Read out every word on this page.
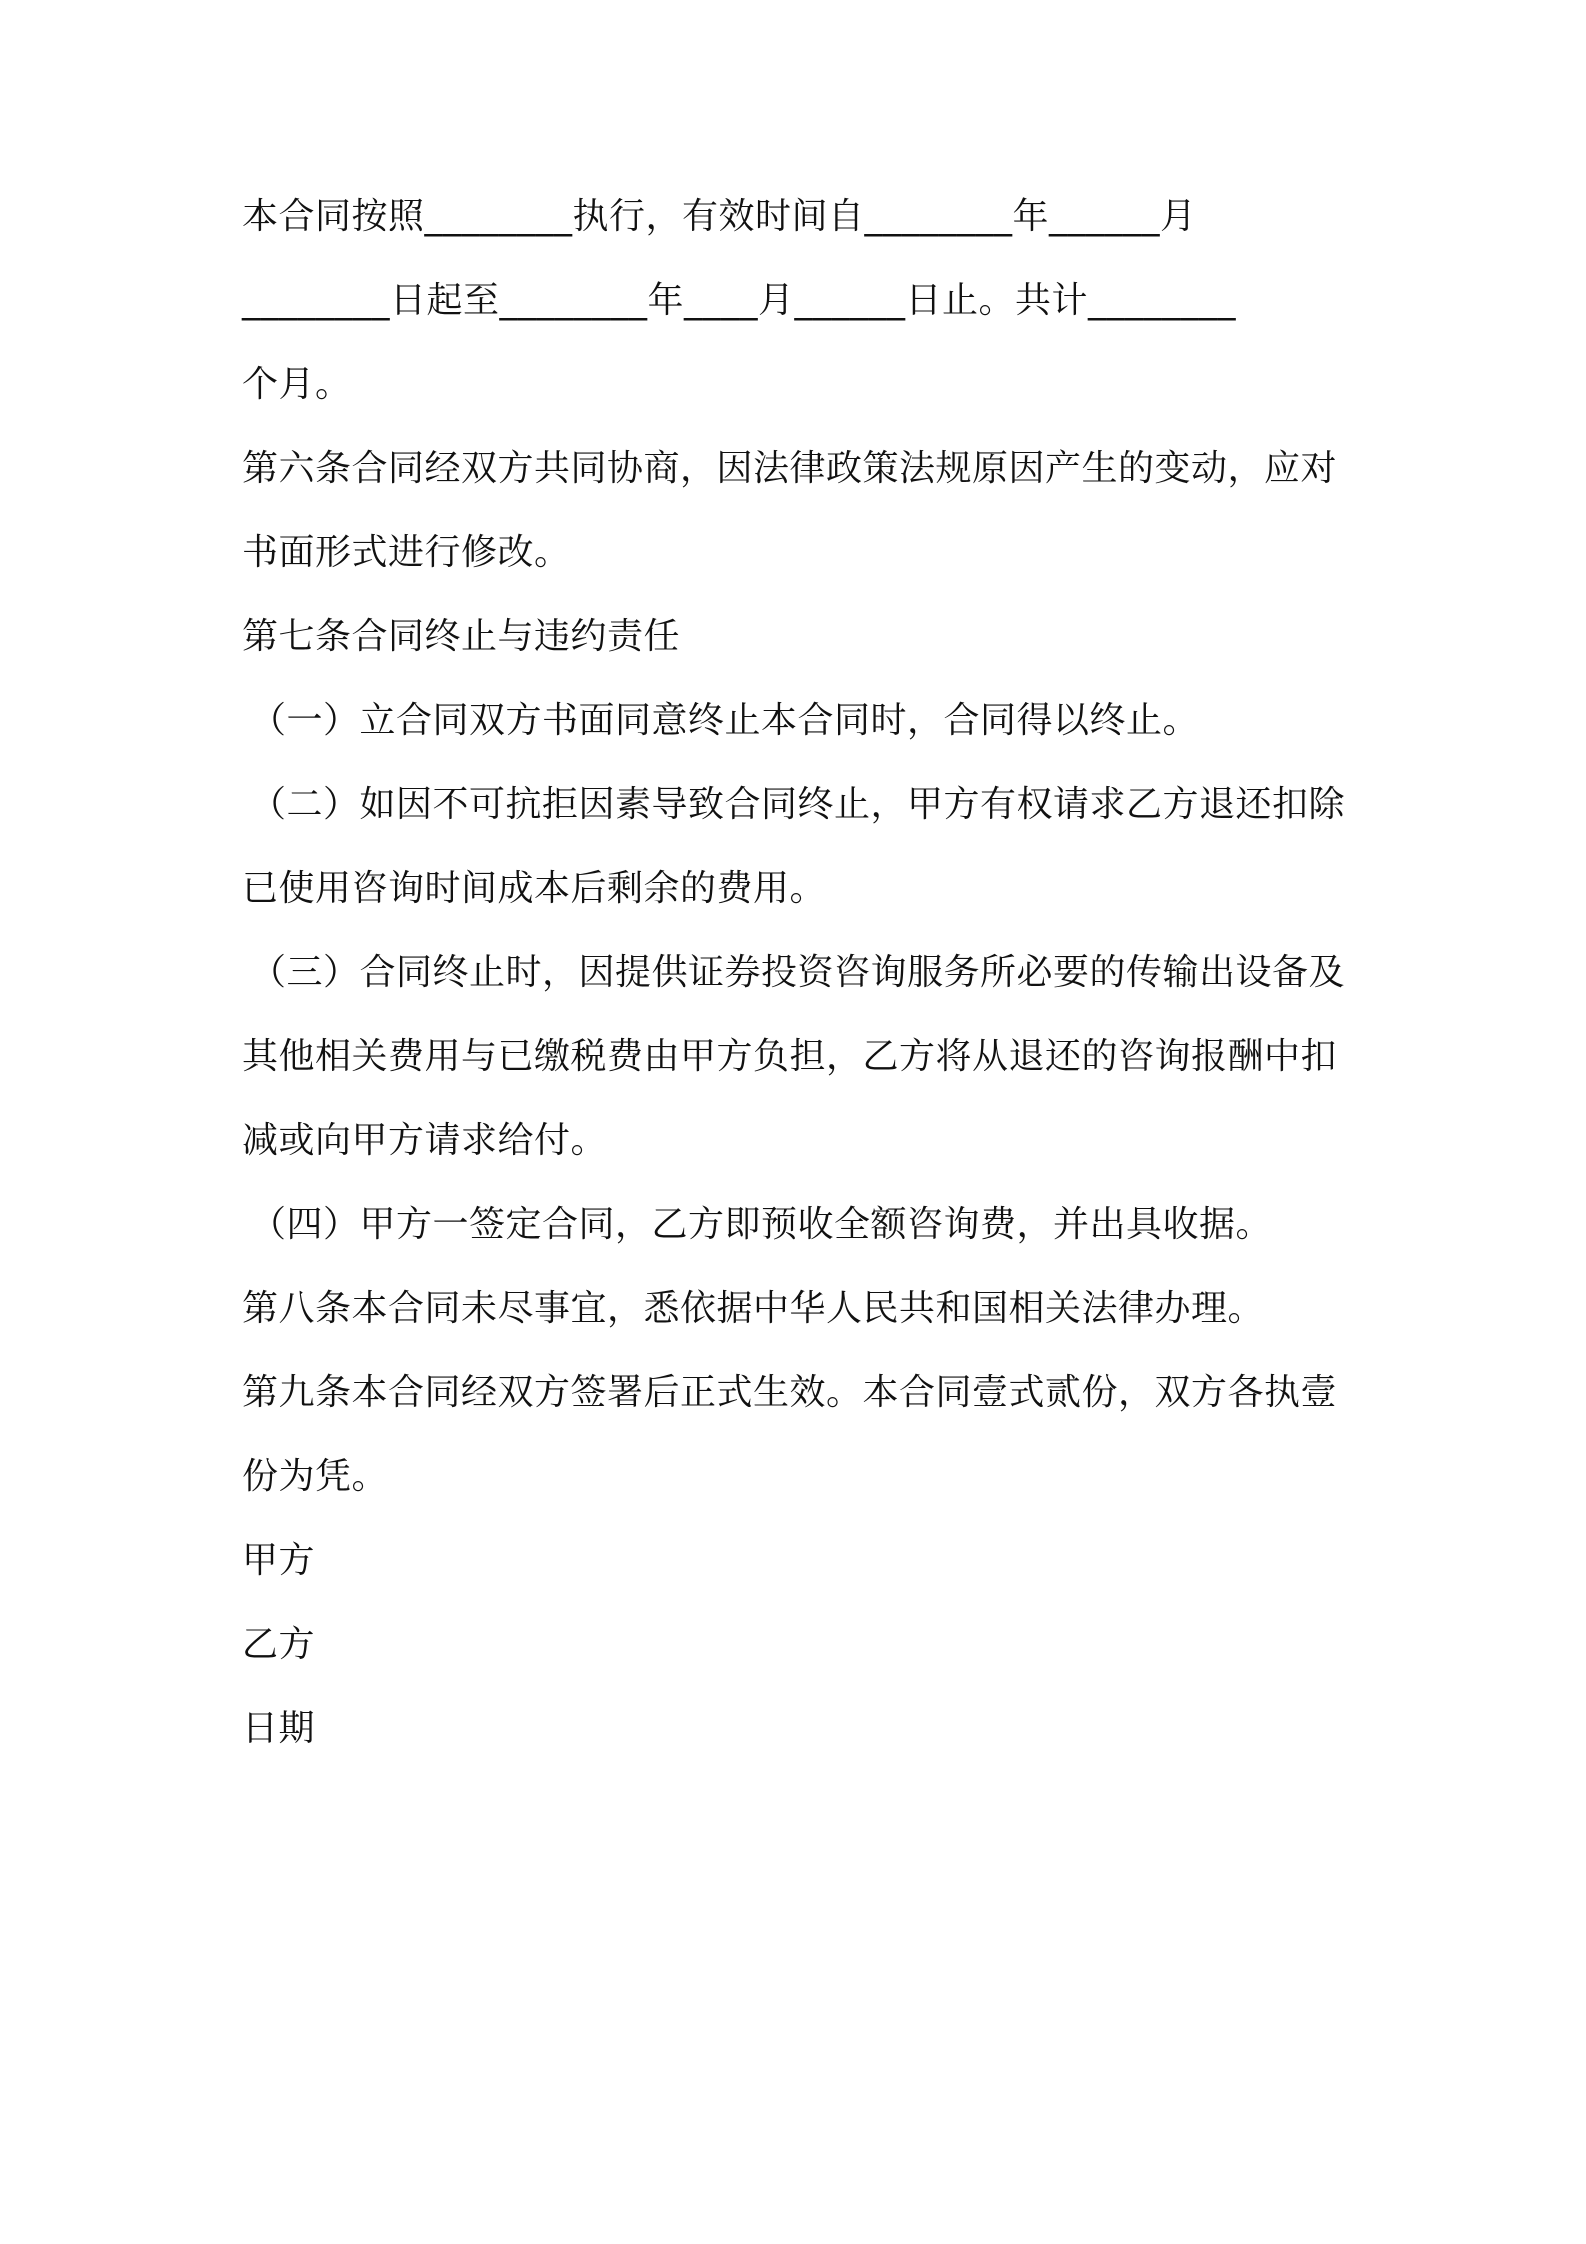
本合同按照________执行，有效时间自________年______月
________日起至________年____月______日止。共计________
个月。
第六条合同经双方共同协商，因法律政策法规原因产生的变动，应对
书面形式进行修改。
第七条合同终止与违约责任
（一）立合同双方书面同意终止本合同时，合同得以终止。
（二）如因不可抗拒因素导致合同终止，甲方有权请求乙方退还扣除
已使用咨询时间成本后剩余的费用。
（三）合同终止时，因提供证券投资咨询服务所必要的传输出设备及
其他相关费用与已缴税费由甲方负担，乙方将从退还的咨询报酬中扣
减或向甲方请求给付。
（四）甲方一签定合同，乙方即预收全额咨询费，并出具收据。
第八条本合同未尽事宜，悉依据中华人民共和国相关法律办理。
第九条本合同经双方签署后正式生效。本合同壹式贰份，双方各执壹
份为凭。
甲方
乙方
日期
